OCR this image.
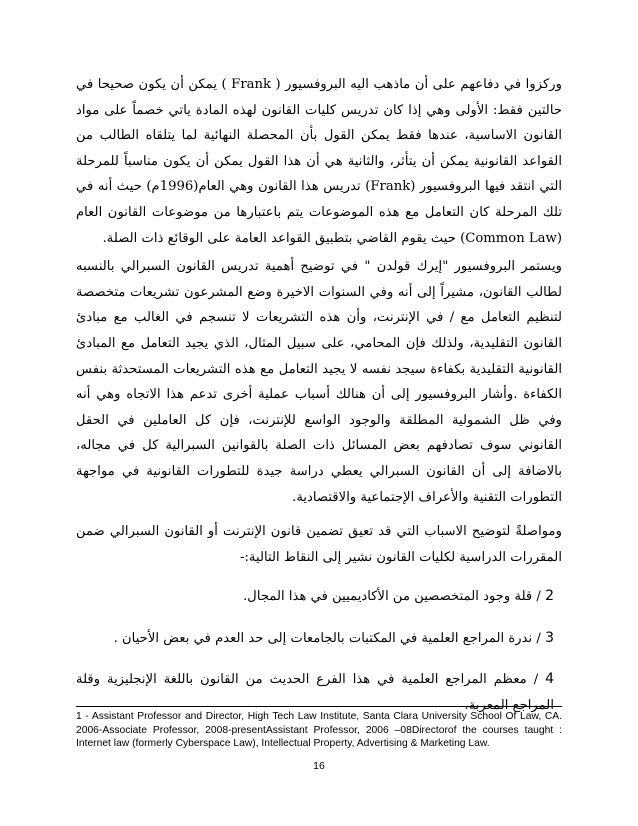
وركزوا في دفاعهم على أن ماذهب اليه البروفسيور ( Frank ) يمكن أن يكون صحيحا في حالتين فقط: الأولى وهي إذا كان تدريس كليات القانون لهذه المادة ياتي خصماً على مواد القانون الاساسية، عندها فقط يمكن القول بأن المحصلة النهائية لما يتلقاه الطالب من القواعد القانونية يمكن أن يتأثر، والثانية هي أن هذا القول يمكن أن يكون مناسباً للمرحلة التي انتقد فيها البروفسيور (Frank) تدريس هذا القانون وهي العام(1996م) حيث أنه في تلك المرحلة كان التعامل مع هذه الموضوعات يتم باعتبارها من موضوعات القانون العام (Common Law) حيث يقوم القاضي بتطبيق القواعد العامة على الوقائع ذات الصلة.

ويستمر البروفسيور "إيرك قولدن " في توضيح أهمية تدريس القانون السبرالي بالنسبه لطالب القانون، مشيراً إلى أنه وفي السنوات الاخيرة وضع المشرعون تشريعات متخصصة لتنظيم التعامل مع / في الإنترنت، وأن هذه التشريعات لا تنسجم في الغالب مع مبادئ القانون التقليدية، ولذلك فإن المحامي، على سبيل المثال، الذي يجيد التعامل مع المبادئ القانونية التقليدية بكفاءة سيجد نفسه لا يجيد التعامل مع هذه التشريعات المستحدثة بنفس الكفاءة .وأشار البروفسيور إلى أن هنالك أسباب عملية أخرى تدعم هذا الاتجاه وهي أنه وفي ظل الشمولية المطلقة والوجود الواسع للإنترنت، فإن كل العاملين في الحقل القانوني سوف تصادفهم بعض المسائل ذات الصلة بالقوانين السبرالية كل في مجاله، بالاضافة إلى أن القانون السبرالي يعطي دراسة جيدة للتطورات القانونية في مواجهة التطورات التقنية والأعراف الإجتماعية والاقتصادية.

ومواصلةً لتوضيح الاسباب التي قد تعيق تضمين قانون الإنترنت أو القانون السبرالي ضمن المقررات الدراسية لكليات القانون نشير إلى النقاط التالية:-

2 / قلة وجود المتخصصين من الأكاديميين في هذا المجال.

3 / ندرة المراجع العلمية في المكتبات بالجامعات إلى حد العدم في بعض الأحيان .

4 / معظم المراجع العلمية في هذا الفرع الحديث من القانون باللغة الإنجليزية وقلة المراجع المعربة.

1 - Assistant Professor and Director, High Tech Law Institute, Santa Clara University School Of Law, CA. 2006-Associate Professor, 2008-presentAssistant Professor, 2006 –08Directorof the courses taught : Internet law (formerly Cyberspace Law), Intellectual Property, Advertising & Marketing Law.
16
